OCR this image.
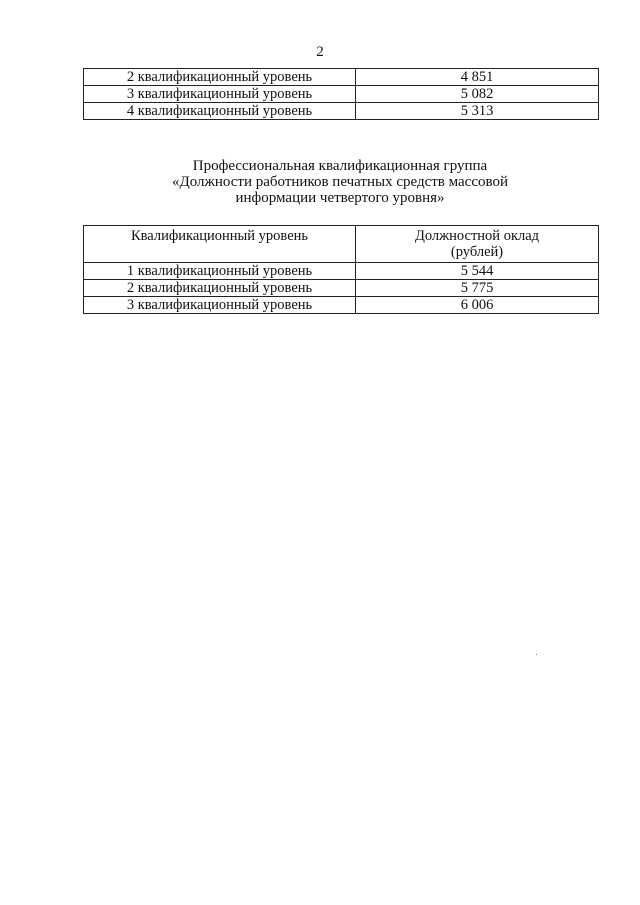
2
2 квалификационный уровень	4 851
3 квалификационный уровень	5 082
4 квалификационный уровень	5 313
Профессиональная квалификационная группа
«Должности работников печатных средств массовой
информации четвертого уровня»
Квалификационный уровень	Должностной оклад
(рублей)

1 квалификационный уровень	5 544
2 квалификационный уровень	5 775
3 квалификационный уровень	6 006
